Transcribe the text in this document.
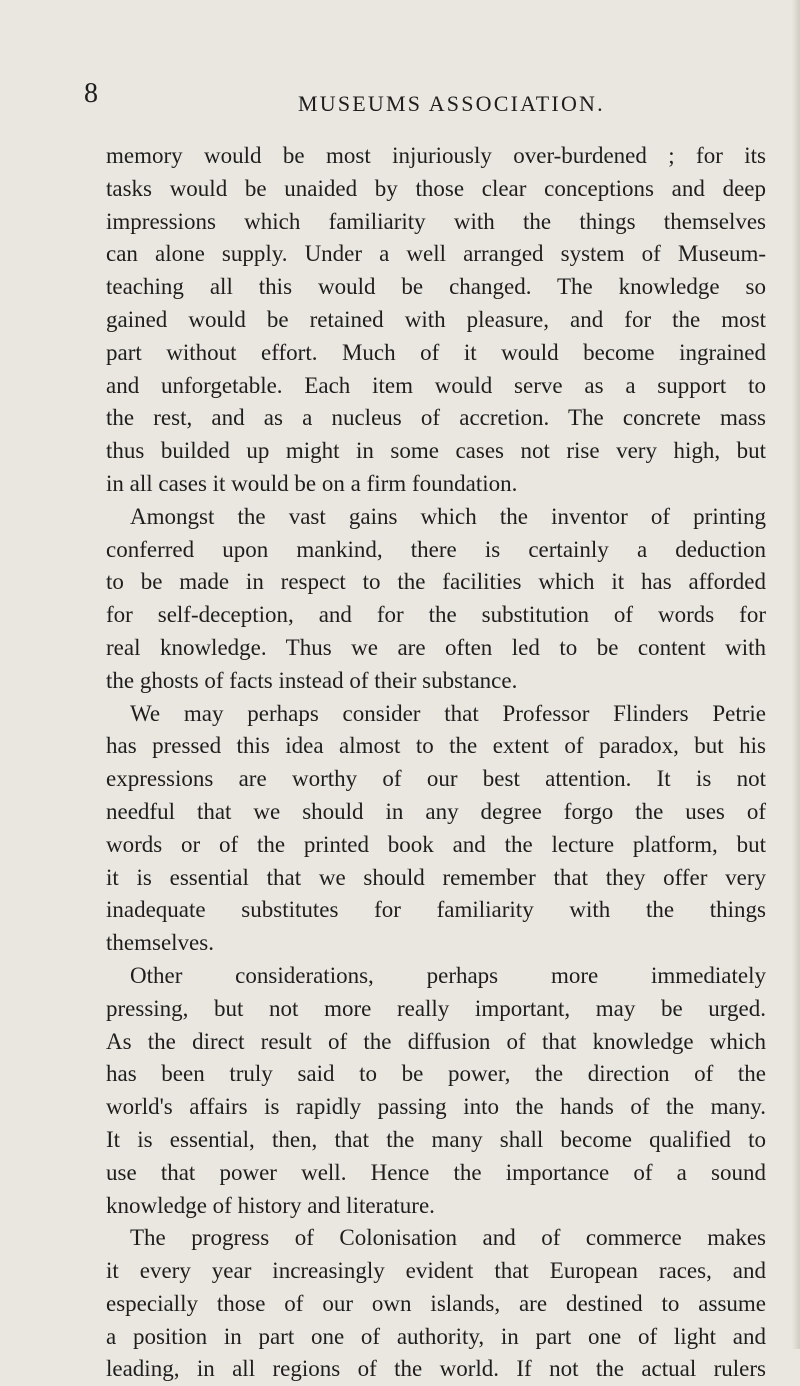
8	MUSEUMS ASSOCIATION.
memory would be most injuriously over-burdened ; for its
tasks would be unaided by those clear conceptions and deep
impressions which familiarity with the things themselves
can alone supply. Under a well arranged system of Museum-
teaching all this would be changed. The knowledge so
gained would be retained with pleasure, and for the most
part without effort. Much of it would become ingrained
and unforgetable. Each item would serve as a support to
the rest, and as a nucleus of accretion. The concrete mass
thus builded up might in some cases not rise very high, but
in all cases it would be on a firm foundation.
Amongst the vast gains which the inventor of printing
conferred upon mankind, there is certainly a deduction
to be made in respect to the facilities which it has afforded
for self-deception, and for the substitution of words for
real knowledge. Thus we are often led to be content with
the ghosts of facts instead of their substance.
We may perhaps consider that Professor Flinders Petrie
has pressed this idea almost to the extent of paradox, but his
expressions are worthy of our best attention. It is not
needful that we should in any degree forgo the uses of
words or of the printed book and the lecture platform, but
it is essential that we should remember that they offer very
inadequate substitutes for familiarity with the things
themselves.
Other considerations, perhaps more immediately
pressing, but not more really important, may be urged.
As the direct result of the diffusion of that knowledge which
has been truly said to be power, the direction of the
world's affairs is rapidly passing into the hands of the many.
It is essential, then, that the many shall become qualified to
use that power well. Hence the importance of a sound
knowledge of history and literature.
The progress of Colonisation and of commerce makes
it every year increasingly evident that European races, and
especially those of our own islands, are destined to assume
a position in part one of authority, in part one of light and
leading, in all regions of the world. If not the actual rulers
